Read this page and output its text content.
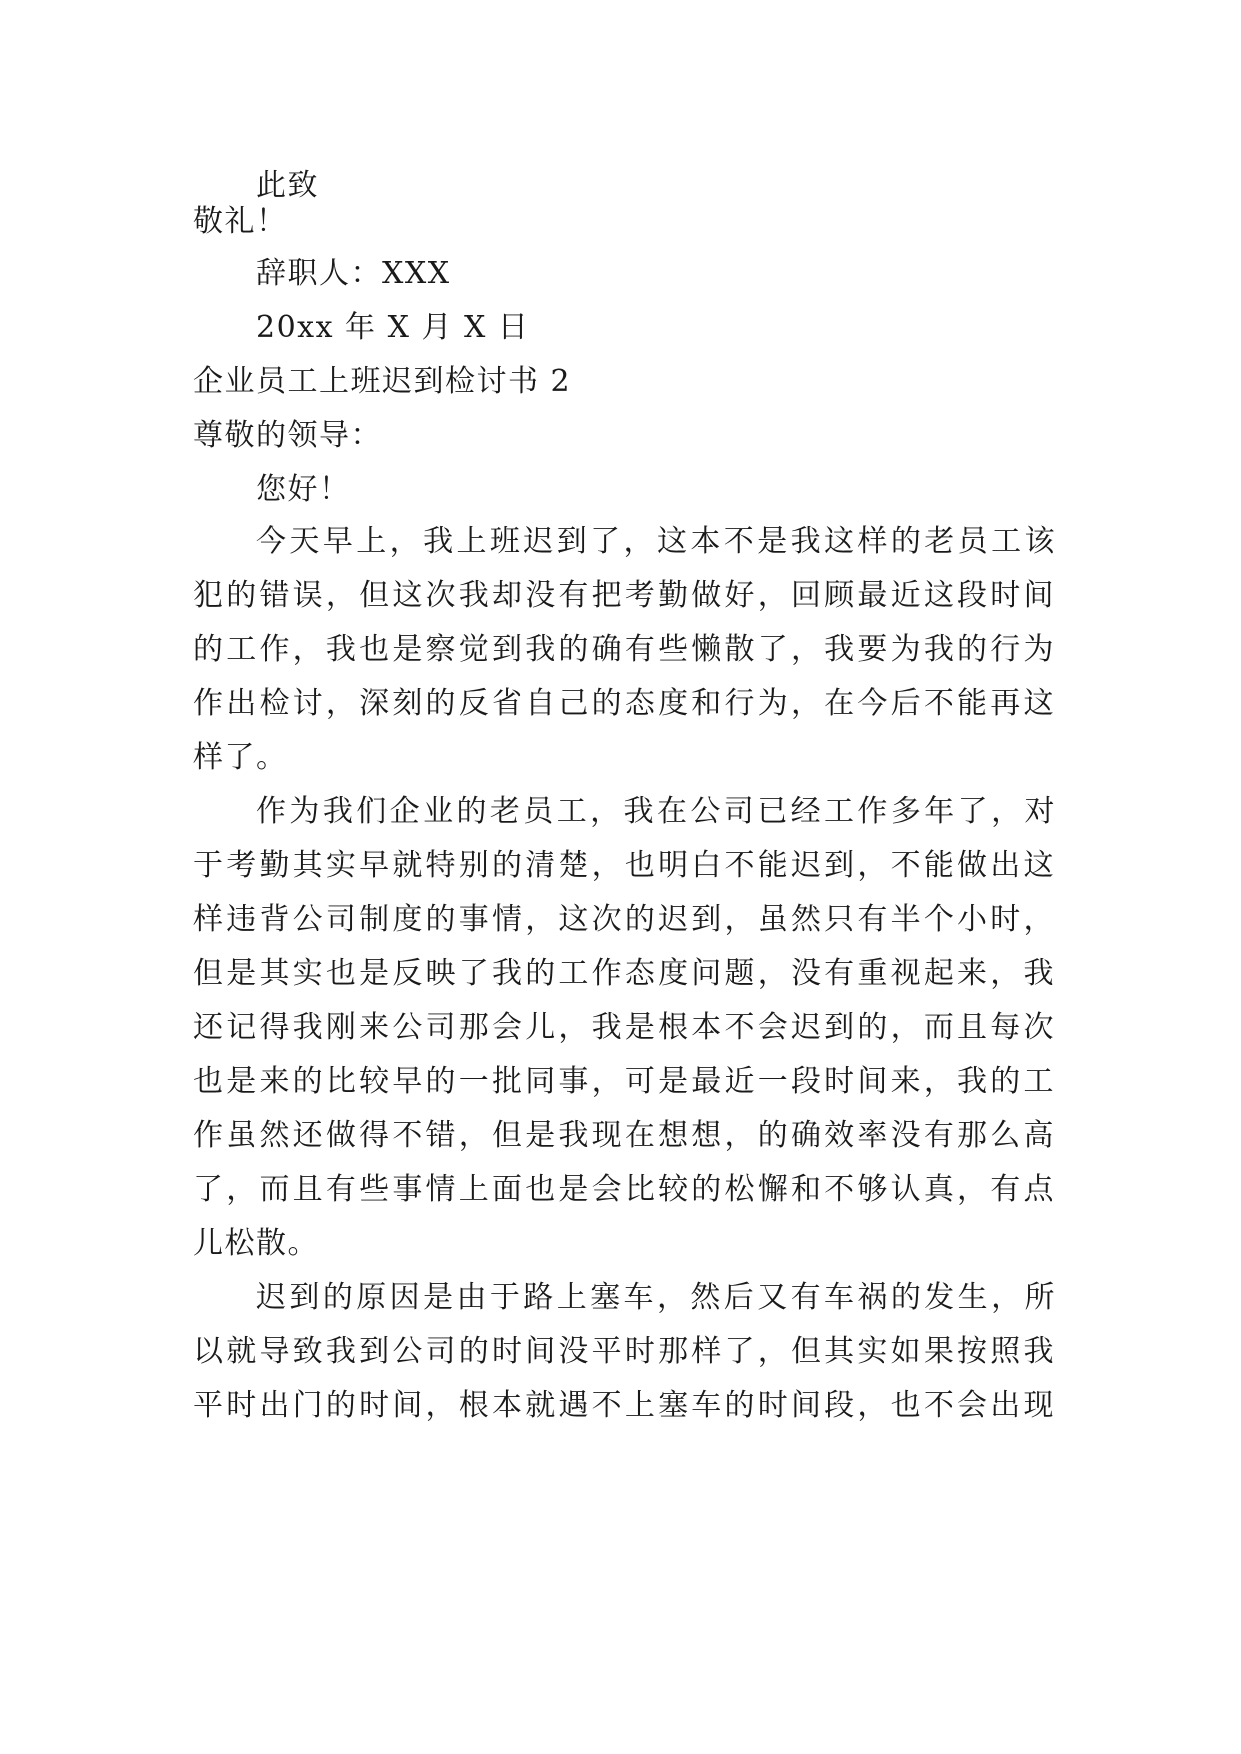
此致
敬礼！
辞职人：XXX
20xx 年 X 月 X 日
企业员工上班迟到检讨书 2
尊敬的领导：
您好！
今天早上，我上班迟到了，这本不是我这样的老员工该
犯的错误，但这次我却没有把考勤做好，回顾最近这段时间
的工作，我也是察觉到我的确有些懒散了，我要为我的行为
作出检讨，深刻的反省自己的态度和行为，在今后不能再这
样了。
作为我们企业的老员工，我在公司已经工作多年了，对
于考勤其实早就特别的清楚，也明白不能迟到，不能做出这
样违背公司制度的事情，这次的迟到，虽然只有半个小时，
但是其实也是反映了我的工作态度问题，没有重视起来，我
还记得我刚来公司那会儿，我是根本不会迟到的，而且每次
也是来的比较早的一批同事，可是最近一段时间来，我的工
作虽然还做得不错，但是我现在想想，的确效率没有那么高
了，而且有些事情上面也是会比较的松懈和不够认真，有点
儿松散。
迟到的原因是由于路上塞车，然后又有车祸的发生，所
以就导致我到公司的时间没平时那样了，但其实如果按照我
平时出门的时间，根本就遇不上塞车的时间段，也不会出现
